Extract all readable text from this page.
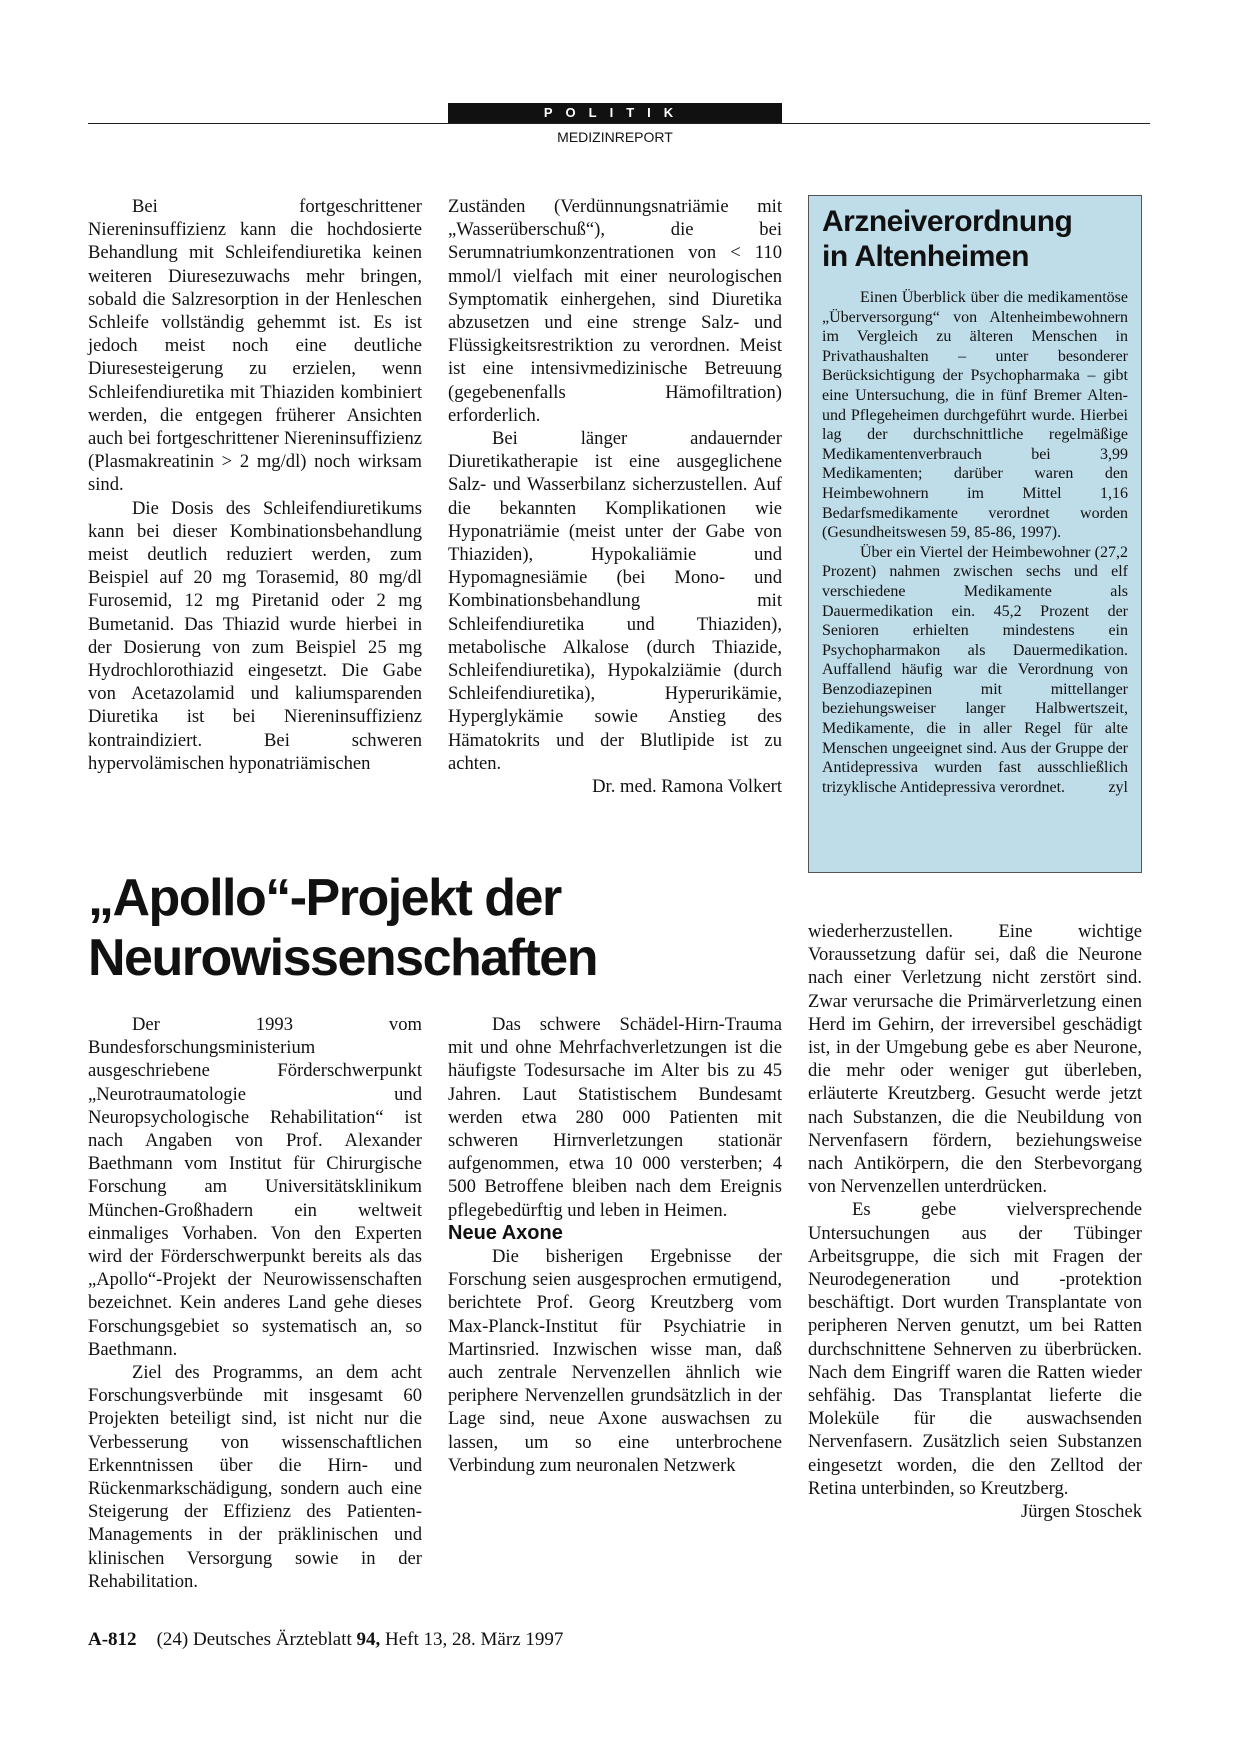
POLITIK
MEDIZINREPORT

Bei fortgeschrittener Niereninsuffizienz kann die hochdosierte Behandlung mit Schleifendiuretika keinen weiteren Diuresezuwachs mehr bringen, sobald die Salzresorption in der Henleschen Schleife vollständig gehemmt ist. Es ist jedoch meist noch eine deutliche Diuresesteigerung zu erzielen, wenn Schleifendiuretika mit Thiaziden kombiniert werden, die entgegen früherer Ansichten auch bei fortgeschrittener Niereninsuffizienz (Plasmakreatinin > 2 mg/dl) noch wirksam sind.

Die Dosis des Schleifendiuretikums kann bei dieser Kombinationsbehandlung meist deutlich reduziert werden, zum Beispiel auf 20 mg Torasemid, 80 mg/dl Furosemid, 12 mg Piretanid oder 2 mg Bumetanid. Das Thiazid wurde hierbei in der Dosierung von zum Beispiel 25 mg Hydrochlorothiazid eingesetzt. Die Gabe von Acetazolamid und kaliumsparenden Diuretika ist bei Niereninsuffizienz kontraindiziert. Bei schweren hypervolämischen hyponatriämischen

Zuständen (Verdünnungsnatriämie mit „Wasserüberschuß“), die bei Serumnatriumkonzentrationen von < 110 mmol/l vielfach mit einer neurologischen Symptomatik einhergehen, sind Diuretika abzusetzen und eine strenge Salz- und Flüssigkeitsrestriktion zu verordnen. Meist ist eine intensivmedizinische Betreuung (gegebenenfalls Hämofiltration) erforderlich.

Bei länger andauernder Diuretikatherapie ist eine ausgeglichene Salz- und Wasserbilanz sicherzustellen. Auf die bekannten Komplikationen wie Hyponatriämie (meist unter der Gabe von Thiaziden), Hypokaliämie und Hypomagnesiämie (bei Mono- und Kombinationsbehandlung mit Schleifendiuretika und Thiaziden), metabolische Alkalose (durch Thiazide, Schleifendiuretika), Hypokalziämie (durch Schleifendiuretika), Hyperurikämie, Hyperglykämie sowie Anstieg des Hämatokrits und der Blutlipide ist zu achten.

Dr. med. Ramona Volkert

Arzneiverordnung
in Altenheimen

Einen Überblick über die medikamentöse „Überversorgung“ von Altenheimbewohnern im Vergleich zu älteren Menschen in Privathaushalten – unter besonderer Berücksichtigung der Psychopharmaka – gibt eine Untersuchung, die in fünf Bremer Alten- und Pflegeheimen durchgeführt wurde. Hierbei lag der durchschnittliche regelmäßige Medikamentenverbrauch bei 3,99 Medikamenten; darüber waren den Heimbewohnern im Mittel 1,16 Bedarfsmedikamente verordnet worden (Gesundheitswesen 59, 85-86, 1997).

Über ein Viertel der Heimbewohner (27,2 Prozent) nahmen zwischen sechs und elf verschiedene Medikamente als Dauermedikation ein. 45,2 Prozent der Senioren erhielten mindestens ein Psychopharmakon als Dauermedikation. Auffallend häufig war die Verordnung von Benzodiazepinen mit mittellanger beziehungsweiser langer Halbwertszeit, Medikamente, die in aller Regel für alte Menschen ungeeignet sind. Aus der Gruppe der Antidepressiva wurden fast ausschließlich trizyklische Antidepressiva verordnet.	zyl

„Apollo“-Projekt der
Neurowissenschaften

Der 1993 vom Bundesforschungsministerium ausgeschriebene Förderschwerpunkt „Neurotraumatologie und Neuropsychologische Rehabilitation“ ist nach Angaben von Prof. Alexander Baethmann vom Institut für Chirurgische Forschung am Universitätsklinikum München-Großhadern ein weltweit einmaliges Vorhaben. Von den Experten wird der Förderschwerpunkt bereits als das „Apollo“-Projekt der Neurowissenschaften bezeichnet. Kein anderes Land gehe dieses Forschungsgebiet so systematisch an, so Baethmann.

Ziel des Programms, an dem acht Forschungsverbünde mit insgesamt 60 Projekten beteiligt sind, ist nicht nur die Verbesserung von wissenschaftlichen Erkenntnissen über die Hirn- und Rückenmarkschädigung, sondern auch eine Steigerung der Effizienz des Patienten-Managements in der präklinischen und klinischen Versorgung sowie in der Rehabilitation.

Das schwere Schädel-Hirn-Trauma mit und ohne Mehrfachverletzungen ist die häufigste Todesursache im Alter bis zu 45 Jahren. Laut Statistischem Bundesamt werden etwa 280 000 Patienten mit schweren Hirnverletzungen stationär aufgenommen, etwa 10 000 versterben; 4 500 Betroffene bleiben nach dem Ereignis pflegebedürftig und leben in Heimen.

Neue Axone

Die bisherigen Ergebnisse der Forschung seien ausgesprochen ermutigend, berichtete Prof. Georg Kreutzberg vom Max-Planck-Institut für Psychiatrie in Martinsried. Inzwischen wisse man, daß auch zentrale Nervenzellen ähnlich wie periphere Nervenzellen grundsätzlich in der Lage sind, neue Axone auswachsen zu lassen, um so eine unterbrochene Verbindung zum neuronalen Netzwerk

wiederherzustellen. Eine wichtige Voraussetzung dafür sei, daß die Neurone nach einer Verletzung nicht zerstört sind. Zwar verursache die Primärverletzung einen Herd im Gehirn, der irreversibel geschädigt ist, in der Umgebung gebe es aber Neurone, die mehr oder weniger gut überleben, erläuterte Kreutzberg. Gesucht werde jetzt nach Substanzen, die die Neubildung von Nervenfasern fördern, beziehungsweise nach Antikörpern, die den Sterbevorgang von Nervenzellen unterdrücken.

Es gebe vielversprechende Untersuchungen aus der Tübinger Arbeitsgruppe, die sich mit Fragen der Neurodegeneration und -protektion beschäftigt. Dort wurden Transplantate von peripheren Nerven genutzt, um bei Ratten durchschnittene Sehnerven zu überbrücken. Nach dem Eingriff waren die Ratten wieder sehfähig. Das Transplantat lieferte die Moleküle für die auswachsenden Nervenfasern. Zusätzlich seien Substanzen eingesetzt worden, die den Zelltod der Retina unterbinden, so Kreutzberg.
Jürgen Stoschek

A-812 (24) Deutsches Ärzteblatt 94, Heft 13, 28. März 1997
